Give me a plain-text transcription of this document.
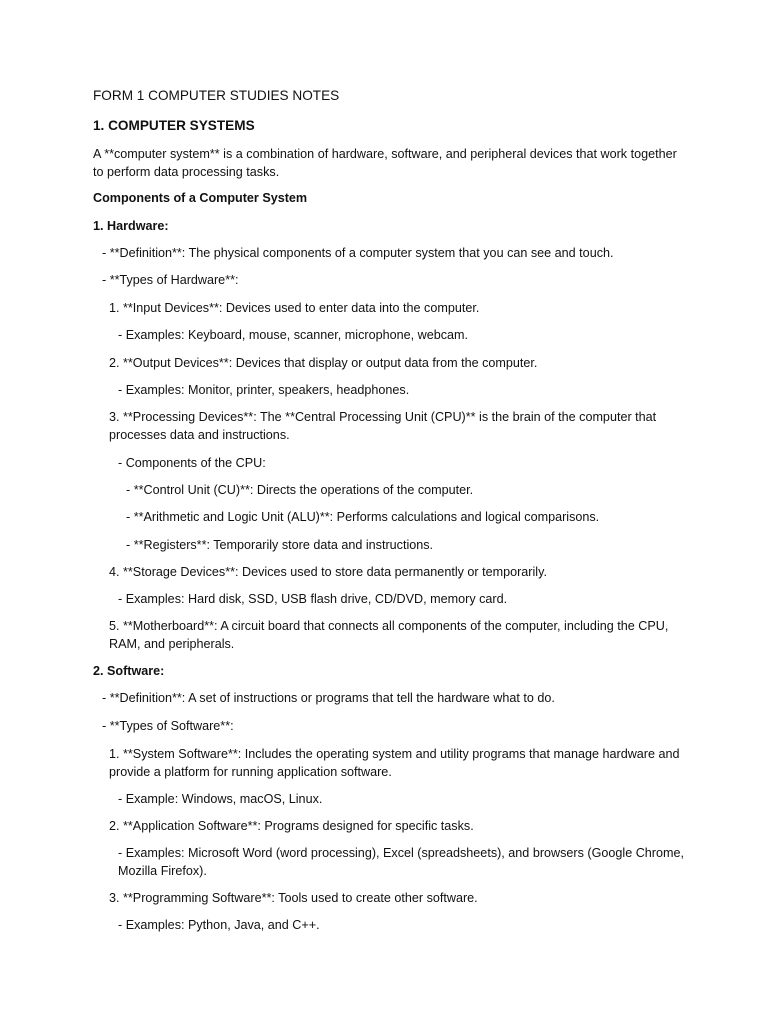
FORM 1 COMPUTER STUDIES NOTES
1. COMPUTER SYSTEMS
A **computer system** is a combination of hardware, software, and peripheral devices that work together to perform data processing tasks.
Components of a Computer System
1. Hardware:
- **Definition**: The physical components of a computer system that you can see and touch.
- **Types of Hardware**:
1. **Input Devices**: Devices used to enter data into the computer.
- Examples: Keyboard, mouse, scanner, microphone, webcam.
2. **Output Devices**: Devices that display or output data from the computer.
- Examples: Monitor, printer, speakers, headphones.
3. **Processing Devices**: The **Central Processing Unit (CPU)** is the brain of the computer that processes data and instructions.
- Components of the CPU:
- **Control Unit (CU)**: Directs the operations of the computer.
- **Arithmetic and Logic Unit (ALU)**: Performs calculations and logical comparisons.
- **Registers**: Temporarily store data and instructions.
4. **Storage Devices**: Devices used to store data permanently or temporarily.
- Examples: Hard disk, SSD, USB flash drive, CD/DVD, memory card.
5. **Motherboard**: A circuit board that connects all components of the computer, including the CPU, RAM, and peripherals.
2. Software:
- **Definition**: A set of instructions or programs that tell the hardware what to do.
- **Types of Software**:
1. **System Software**: Includes the operating system and utility programs that manage hardware and provide a platform for running application software.
- Example: Windows, macOS, Linux.
2. **Application Software**: Programs designed for specific tasks.
- Examples: Microsoft Word (word processing), Excel (spreadsheets), and browsers (Google Chrome, Mozilla Firefox).
3. **Programming Software**: Tools used to create other software.
- Examples: Python, Java, and C++.
